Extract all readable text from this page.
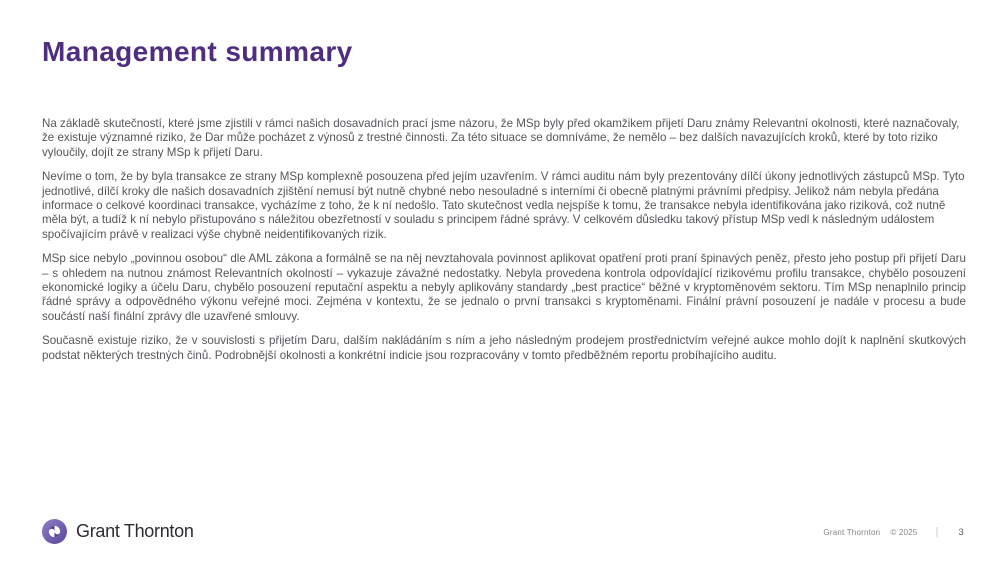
Management summary

Na základě skutečností, které jsme zjistili v rámci našich dosavadních prací jsme názoru, že MSp byly před okamžikem přijetí Daru známy Relevantní okolnosti, které naznačovaly, že existuje významné riziko, že Dar může pocházet z výnosů z trestné činnosti. Za této situace se domníváme, že nemělo – bez dalších navazujících kroků, které by toto riziko vyloučily, dojít ze strany MSp k přijetí Daru.

Nevíme o tom, že by byla transakce ze strany MSp komplexně posouzena před jejím uzavřením. V rámci auditu nám byly prezentovány dílčí úkony jednotlivých zástupců MSp. Tyto jednotlivé, dílčí kroky dle našich dosavadních zjištění nemusí být nutně chybné nebo nesouladné s interními či obecně platnými právními předpisy. Jelikož nám nebyla předána informace o celkové koordinaci transakce, vycházíme z toho, že k ní nedošlo. Tato skutečnost vedla nejspíše k tomu, že transakce nebyla identifikována jako riziková, což nutně měla být, a tudíž k ní nebylo přistupováno s náležitou obezřetností v souladu s principem řádné správy. V celkovém důsledku takový přístup MSp vedl k následným událostem spočívajícím právě v realizaci výše chybně neidentifikovaných rizik.

MSp sice nebylo „povinnou osobou“ dle AML zákona a formálně se na něj nevztahovala povinnost aplikovat opatření proti praní špinavých peněz, přesto jeho postup při přijetí Daru – s ohledem na nutnou známost Relevantních okolností – vykazuje závažné nedostatky. Nebyla provedena kontrola odpovídající rizikovému profilu transakce, chybělo posouzení ekonomické logiky a účelu Daru, chybělo posouzení reputační aspektu a nebyly aplikovány standardy „best practice“ běžné v kryptoměnovém sektoru. Tím MSp nenaplnilo princip řádné správy a odpovědného výkonu veřejné moci. Zejména v kontextu, že se jednalo o první transakci s kryptoměnami. Finální právní posouzení je nadále v procesu a bude součástí naší finální zprávy dle uzavřené smlouvy.

Současně existuje riziko, že v souvislosti s přijetím Daru, dalším nakládáním s ním a jeho následným prodejem prostřednictvím veřejné aukce mohlo dojít k naplnění skutkových podstat některých trestných činů. Podrobnější okolnosti a konkrétní indicie jsou rozpracovány v tomto předběžném reportu probíhajícího auditu.

Grant Thornton	Grant Thornton © 2025 | 3
